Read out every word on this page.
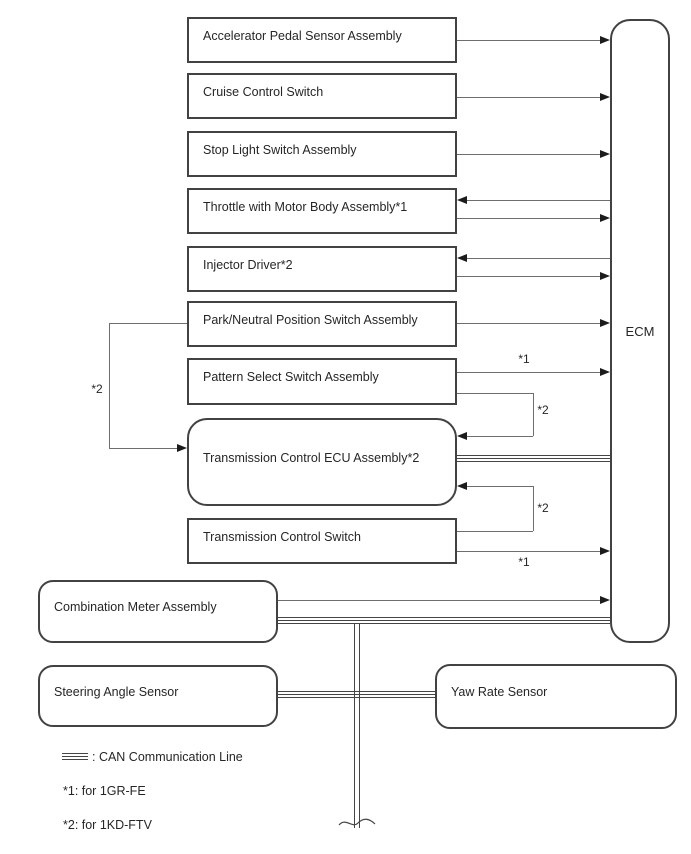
Accelerator Pedal Sensor Assembly
Cruise Control Switch
Stop Light Switch Assembly
Throttle with Motor Body Assembly*1
Injector Driver*2
Park/Neutral Position Switch Assembly
Pattern Select Switch Assembly
Transmission Control ECU Assembly*2
Transmission Control Switch
Combination Meter Assembly
Steering Angle Sensor	Yaw Rate Sensor
ECM
*1
*1
*2
*2
*2
: CAN Communication Line
*1: for 1GR-FE
*2: for 1KD-FTV
